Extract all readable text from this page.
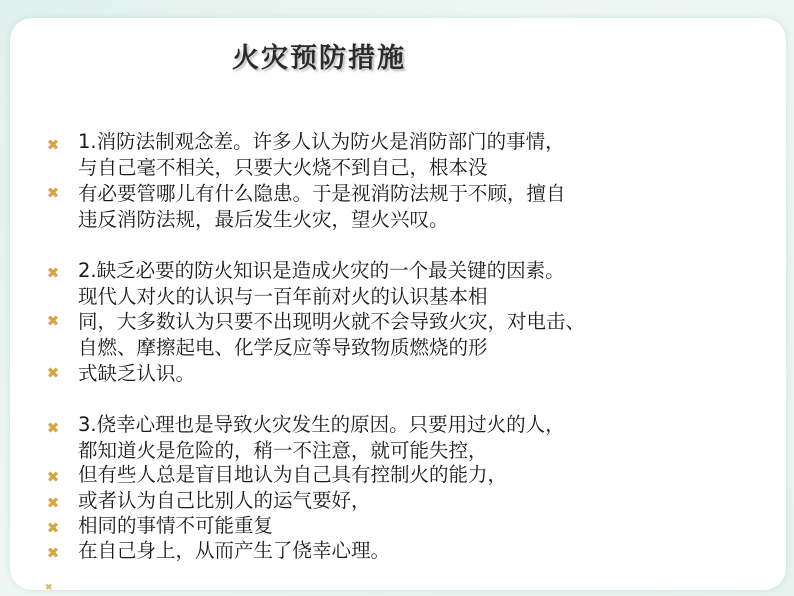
火灾预防措施
✖ 1.消防法制观念差。许多人认为防火是消防部门的事情，
与自己毫不相关，只要大火烧不到自己，根本没
✖ 有必要管哪儿有什么隐患。于是视消防法规于不顾，擅自
违反消防法规，最后发生火灾，望火兴叹。
✖ 2.缺乏必要的防火知识是造成火灾的一个最关键的因素。
现代人对火的认识与一百年前对火的认识基本相
✖ 同，大多数认为只要不出现明火就不会导致火灾，对电击、
自燃、摩擦起电、化学反应等导致物质燃烧的形
✖ 式缺乏认识。
✖ 3.侥幸心理也是导致火灾发生的原因。只要用过火的人，
都知道火是危险的，稍一不注意，就可能失控，
✖ 但有些人总是盲目地认为自己具有控制火的能力，
✖ 或者认为自己比别人的运气要好，
✖ 相同的事情不可能重复
✖ 在自己身上，从而产生了侥幸心理。
✖
